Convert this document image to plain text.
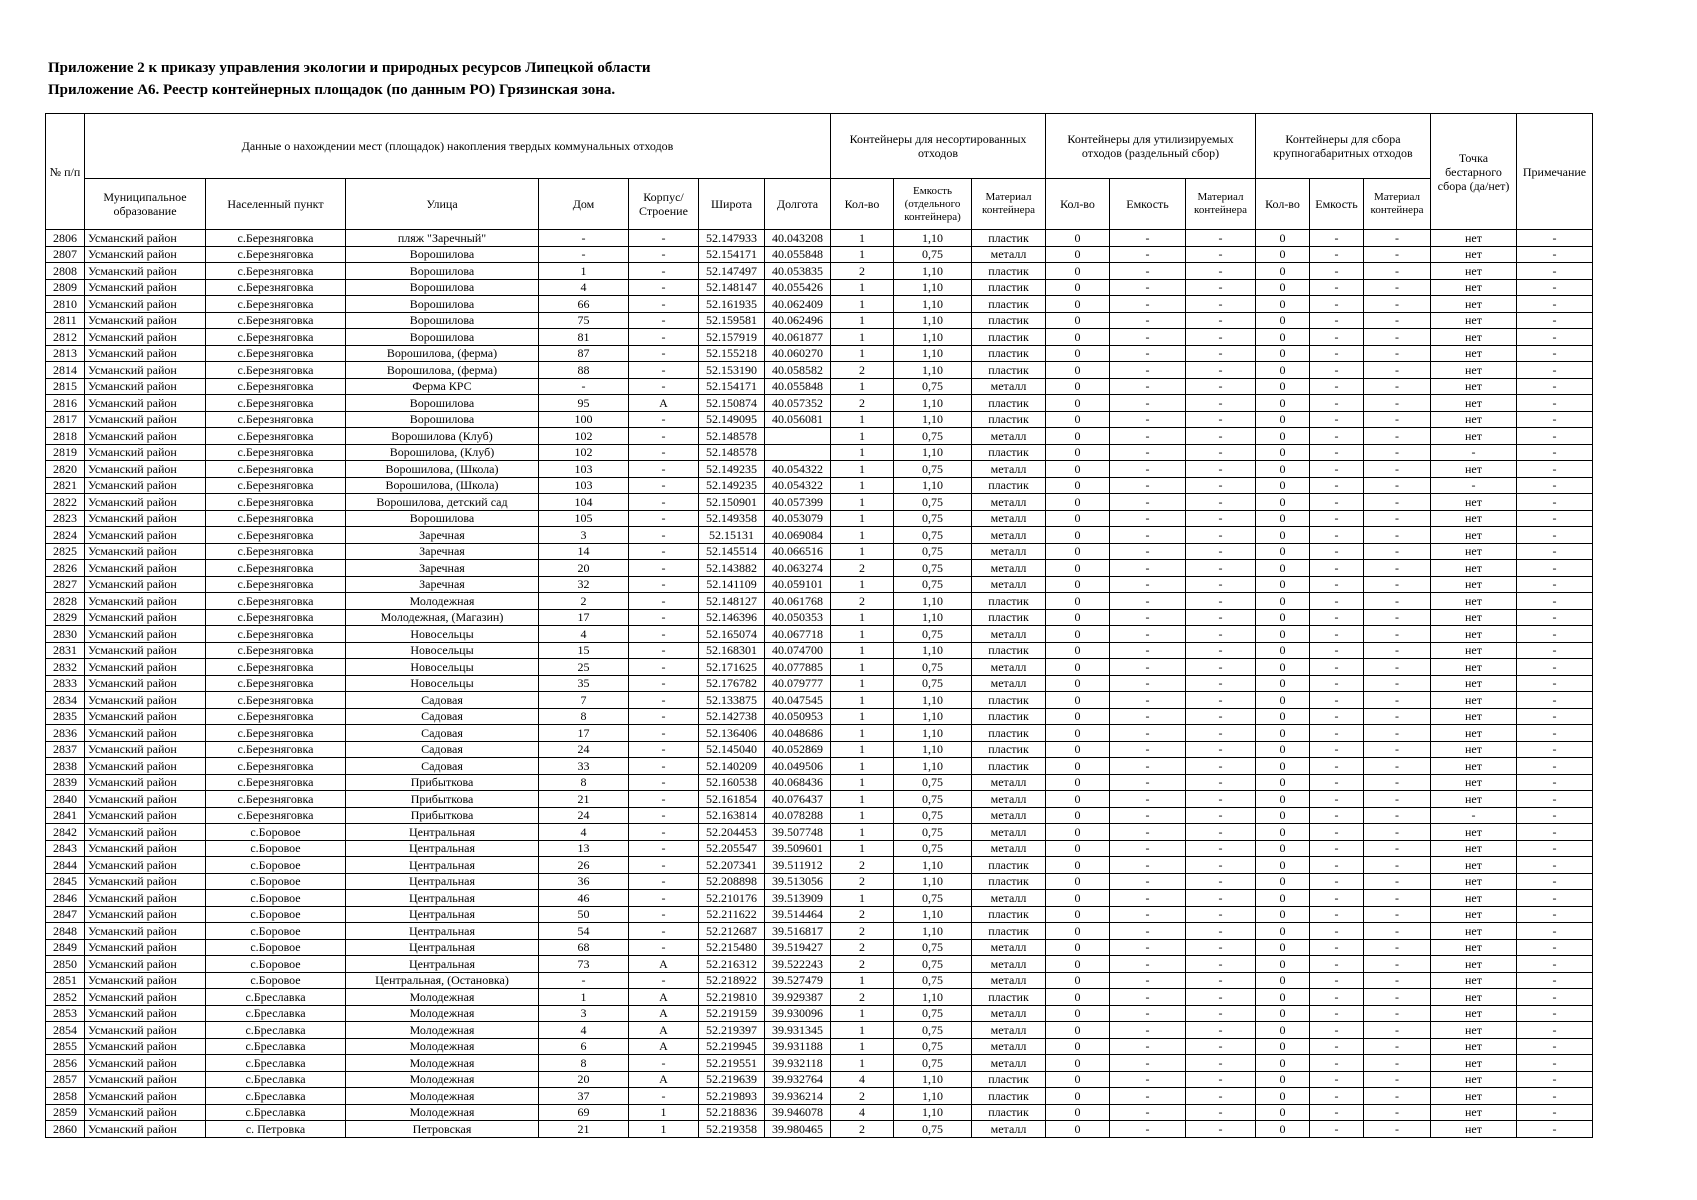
Приложение 2 к приказу управления экологии и природных ресурсов Липецкой области
Приложение А6. Реестр контейнерных площадок (по данным РО) Грязинская зона.
№ п/п	Данные о нахождении мест (площадок) накопления твердых коммунальных отходов							Контейнеры для несортированных отходов			Контейнеры для утилизируемых отходов (раздельный сбор)			Контейнеры для сбора крупногабаритных отходов			Точка бестарного сбора (да/нет)	Примечание
	Муниципальное образование	Населенный пункт	Улица	Дом	Корпус/ Строение	Широта	Долгота	Кол-во	Емкость (отдельного контейнера)	Материал контейнера	Кол-во	Емкость	Материал контейнера	Кол-во	Емкость	Материал контейнера		
2806	Усманский район	с.Березняговка	пляж "Заречный"	-	-	52.147933	40.043208	1	1,10	пластик	0	-	-	0	-	-	нет	-
2807	Усманский район	с.Березняговка	Ворошилова	-	-	52.154171	40.055848	1	0,75	металл	0	-	-	0	-	-	нет	-
2808	Усманский район	с.Березняговка	Ворошилова	1	-	52.147497	40.053835	2	1,10	пластик	0	-	-	0	-	-	нет	-
2809	Усманский район	с.Березняговка	Ворошилова	4	-	52.148147	40.055426	1	1,10	пластик	0	-	-	0	-	-	нет	-
2810	Усманский район	с.Березняговка	Ворошилова	66	-	52.161935	40.062409	1	1,10	пластик	0	-	-	0	-	-	нет	-
2811	Усманский район	с.Березняговка	Ворошилова	75	-	52.159581	40.062496	1	1,10	пластик	0	-	-	0	-	-	нет	-
2812	Усманский район	с.Березняговка	Ворошилова	81	-	52.157919	40.061877	1	1,10	пластик	0	-	-	0	-	-	нет	-
2813	Усманский район	с.Березняговка	Ворошилова, (ферма)	87	-	52.155218	40.060270	1	1,10	пластик	0	-	-	0	-	-	нет	-
2814	Усманский район	с.Березняговка	Ворошилова, (ферма)	88	-	52.153190	40.058582	2	1,10	пластик	0	-	-	0	-	-	нет	-
2815	Усманский район	с.Березняговка	Ферма КРС	-	-	52.154171	40.055848	1	0,75	металл	0	-	-	0	-	-	нет	-
2816	Усманский район	с.Березняговка	Ворошилова	95	А	52.150874	40.057352	2	1,10	пластик	0	-	-	0	-	-	нет	-
2817	Усманский район	с.Березняговка	Ворошилова	100	-	52.149095	40.056081	1	1,10	пластик	0	-	-	0	-	-	нет	-
2818	Усманский район	с.Березняговка	Ворошилова (Клуб)	102	-	52.148578		1	0,75	металл	0	-	-	0	-	-	нет	-
2819	Усманский район	с.Березняговка	Ворошилова, (Клуб)	102	-	52.148578		1	1,10	пластик	0	-	-	0	-	-	-	-
2820	Усманский район	с.Березняговка	Ворошилова, (Школа)	103	-	52.149235	40.054322	1	0,75	металл	0	-	-	0	-	-	нет	-
2821	Усманский район	с.Березняговка	Ворошилова, (Школа)	103	-	52.149235	40.054322	1	1,10	пластик	0	-	-	0	-	-	-	-
2822	Усманский район	с.Березняговка	Ворошилова, детский сад	104	-	52.150901	40.057399	1	0,75	металл	0	-	-	0	-	-	нет	-
2823	Усманский район	с.Березняговка	Ворошилова	105	-	52.149358	40.053079	1	0,75	металл	0	-	-	0	-	-	нет	-
2824	Усманский район	с.Березняговка	Заречная	3	-	52.15131	40.069084	1	0,75	металл	0	-	-	0	-	-	нет	-
2825	Усманский район	с.Березняговка	Заречная	14	-	52.145514	40.066516	1	0,75	металл	0	-	-	0	-	-	нет	-
2826	Усманский район	с.Березняговка	Заречная	20	-	52.143882	40.063274	2	0,75	металл	0	-	-	0	-	-	нет	-
2827	Усманский район	с.Березняговка	Заречная	32	-	52.141109	40.059101	1	0,75	металл	0	-	-	0	-	-	нет	-
2828	Усманский район	с.Березняговка	Молодежная	2	-	52.148127	40.061768	2	1,10	пластик	0	-	-	0	-	-	нет	-
2829	Усманский район	с.Березняговка	Молодежная, (Магазин)	17	-	52.146396	40.050353	1	1,10	пластик	0	-	-	0	-	-	нет	-
2830	Усманский район	с.Березняговка	Новосельцы	4	-	52.165074	40.067718	1	0,75	металл	0	-	-	0	-	-	нет	-
2831	Усманский район	с.Березняговка	Новосельцы	15	-	52.168301	40.074700	1	1,10	пластик	0	-	-	0	-	-	нет	-
2832	Усманский район	с.Березняговка	Новосельцы	25	-	52.171625	40.077885	1	0,75	металл	0	-	-	0	-	-	нет	-
2833	Усманский район	с.Березняговка	Новосельцы	35	-	52.176782	40.079777	1	0,75	металл	0	-	-	0	-	-	нет	-
2834	Усманский район	с.Березняговка	Садовая	7	-	52.133875	40.047545	1	1,10	пластик	0	-	-	0	-	-	нет	-
2835	Усманский район	с.Березняговка	Садовая	8	-	52.142738	40.050953	1	1,10	пластик	0	-	-	0	-	-	нет	-
2836	Усманский район	с.Березняговка	Садовая	17	-	52.136406	40.048686	1	1,10	пластик	0	-	-	0	-	-	нет	-
2837	Усманский район	с.Березняговка	Садовая	24	-	52.145040	40.052869	1	1,10	пластик	0	-	-	0	-	-	нет	-
2838	Усманский район	с.Березняговка	Садовая	33	-	52.140209	40.049506	1	1,10	пластик	0	-	-	0	-	-	нет	-
2839	Усманский район	с.Березняговка	Прибыткова	8	-	52.160538	40.068436	1	0,75	металл	0	-	-	0	-	-	нет	-
2840	Усманский район	с.Березняговка	Прибыткова	21	-	52.161854	40.076437	1	0,75	металл	0	-	-	0	-	-	нет	-
2841	Усманский район	с.Березняговка	Прибыткова	24	-	52.163814	40.078288	1	0,75	металл	0	-	-	0	-	-	-	-
2842	Усманский район	с.Боровое	Центральная	4	-	52.204453	39.507748	1	0,75	металл	0	-	-	0	-	-	нет	-
2843	Усманский район	с.Боровое	Центральная	13	-	52.205547	39.509601	1	0,75	металл	0	-	-	0	-	-	нет	-
2844	Усманский район	с.Боровое	Центральная	26	-	52.207341	39.511912	2	1,10	пластик	0	-	-	0	-	-	нет	-
2845	Усманский район	с.Боровое	Центральная	36	-	52.208898	39.513056	2	1,10	пластик	0	-	-	0	-	-	нет	-
2846	Усманский район	с.Боровое	Центральная	46	-	52.210176	39.513909	1	0,75	металл	0	-	-	0	-	-	нет	-
2847	Усманский район	с.Боровое	Центральная	50	-	52.211622	39.514464	2	1,10	пластик	0	-	-	0	-	-	нет	-
2848	Усманский район	с.Боровое	Центральная	54	-	52.212687	39.516817	2	1,10	пластик	0	-	-	0	-	-	нет	-
2849	Усманский район	с.Боровое	Центральная	68	-	52.215480	39.519427	2	0,75	металл	0	-	-	0	-	-	нет	-
2850	Усманский район	с.Боровое	Центральная	73	А	52.216312	39.522243	2	0,75	металл	0	-	-	0	-	-	нет	-
2851	Усманский район	с.Боровое	Центральная, (Остановка)	-	-	52.218922	39.527479	1	0,75	металл	0	-	-	0	-	-	нет	-
2852	Усманский район	с.Бреславка	Молодежная	1	А	52.219810	39.929387	2	1,10	пластик	0	-	-	0	-	-	нет	-
2853	Усманский район	с.Бреславка	Молодежная	3	А	52.219159	39.930096	1	0,75	металл	0	-	-	0	-	-	нет	-
2854	Усманский район	с.Бреславка	Молодежная	4	А	52.219397	39.931345	1	0,75	металл	0	-	-	0	-	-	нет	-
2855	Усманский район	с.Бреславка	Молодежная	6	А	52.219945	39.931188	1	0,75	металл	0	-	-	0	-	-	нет	-
2856	Усманский район	с.Бреславка	Молодежная	8	-	52.219551	39.932118	1	0,75	металл	0	-	-	0	-	-	нет	-
2857	Усманский район	с.Бреславка	Молодежная	20	А	52.219639	39.932764	4	1,10	пластик	0	-	-	0	-	-	нет	-
2858	Усманский район	с.Бреславка	Молодежная	37	-	52.219893	39.936214	2	1,10	пластик	0	-	-	0	-	-	нет	-
2859	Усманский район	с.Бреславка	Молодежная	69	1	52.218836	39.946078	4	1,10	пластик	0	-	-	0	-	-	нет	-
2860	Усманский район	с. Петровка	Петровская	21	1	52.219358	39.980465	2	0,75	металл	0	-	-	0	-	-	нет	-
